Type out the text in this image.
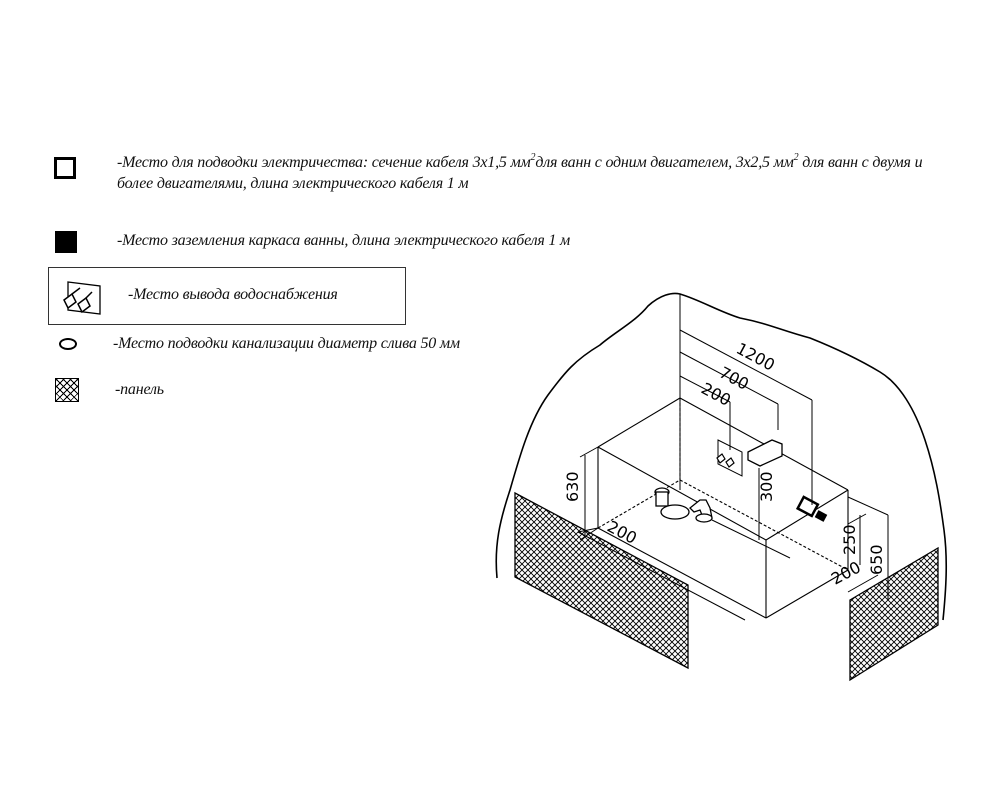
-Место для подводки электричества: сечение кабеля 3х1,5 $мм^2для$ ванн с одним двигателем, 3х2,5 $мм^2$ для ванн с двумя и
более двигателями, длина электрического кабеля 1 м
-Место заземления каркаса ванны, длина электрического кабеля 1 м
-Место вывода водоснабжения
-Место подводки канализации диаметр слива 50 мм
-панель
1200
700
200
630	300
200	250
200 650
